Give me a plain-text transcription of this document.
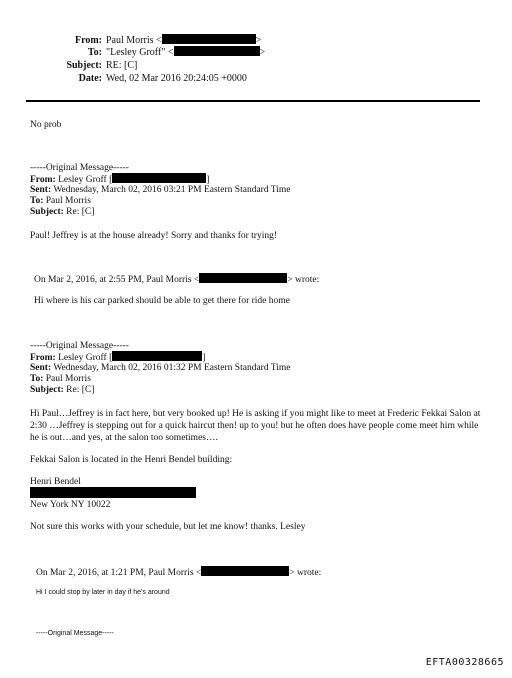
From: Paul Morris <	>
To: "Lesley Groff" <	>
Subject: RE: [C]
Date: Wed, 02 Mar 2016 20:24:05 +0000
No prob
-----Original Message-----
From: Lesley Groff [	]
Sent: Wednesday, March 02, 2016 03:21 PM Eastern Standard Time
To: Paul Morris
Subject: Re: [C]
Paul! Jeffrey is at the house already! Sorry and thanks for trying!
On Mar 2, 2016, at 2:55 PM, Paul Morris <	> wrote:
Hi where is his car parked should be able to get there for ride home
-----Original Message-----
From: Lesley Groff [	]
Sent: Wednesday, March 02, 2016 01:32 PM Eastern Standard Time
To: Paul Morris
Subject: Re: [C]
Hi Paul…Jeffrey is in fact here, but very booked up! He is asking if you might like to meet at Frederic Fekkai Salon at 2:30 …Jeffrey is stepping out for a quick haircut then! up to you! but he often does have people come meet him while he is out…and yes, at the salon too sometimes….
Fekkai Salon is located in the Henri Bendel building:
Henri Bendel
New York NY 10022
Not sure this works with your schedule, but let me know! thanks. Lesley
On Mar 2, 2016, at 1:21 PM, Paul Morris <	> wrote:
Hi I could stop by later in day if he's around
-----Original Message-----
EFTA00328665
